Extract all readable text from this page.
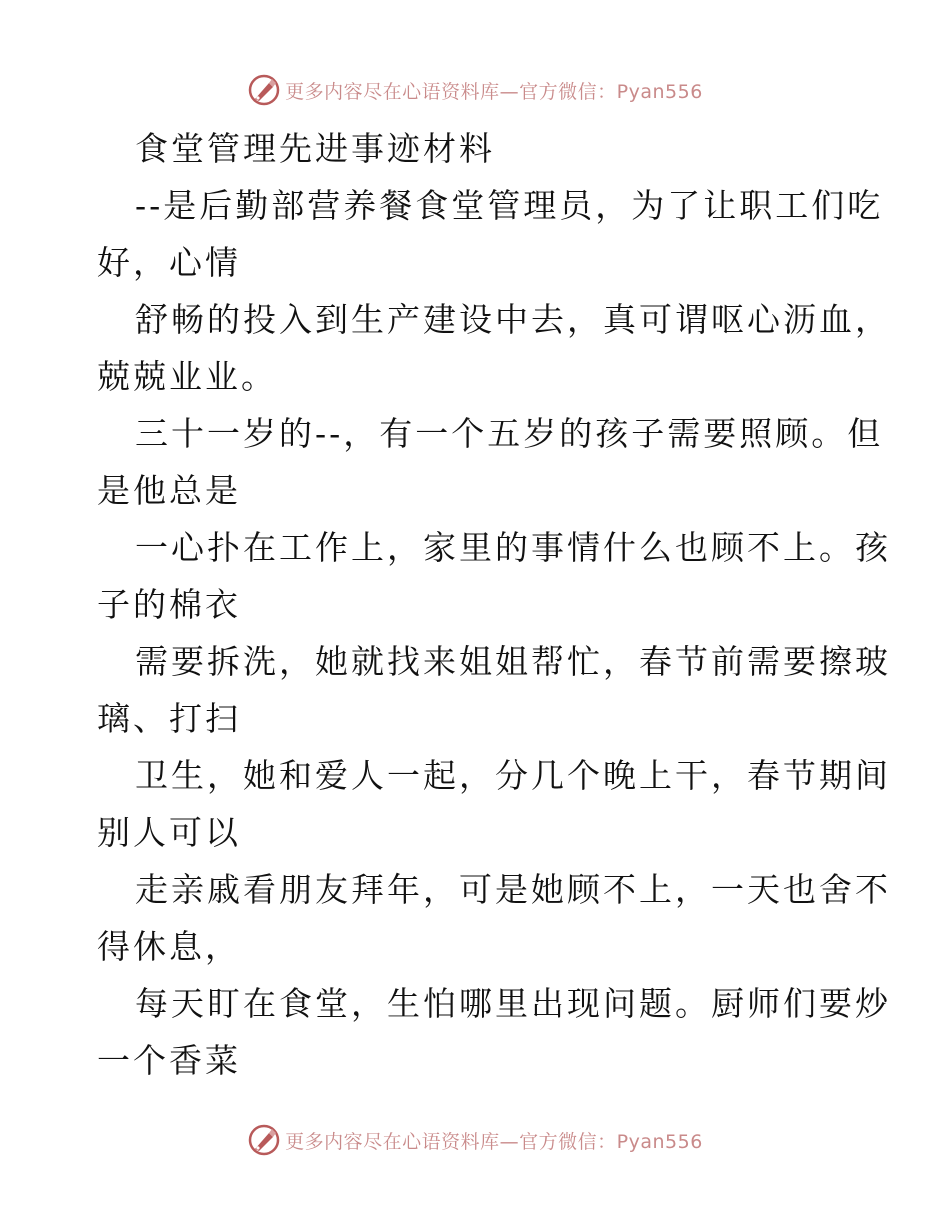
更多内容尽在心语资料库—官方微信：Pyan556
食堂管理先进事迹材料
--是后勤部营养餐食堂管理员，为了让职工们吃
好，心情
舒畅的投入到生产建设中去，真可谓呕心沥血，
兢兢业业。
三十一岁的--，有一个五岁的孩子需要照顾。但
是他总是
一心扑在工作上，家里的事情什么也顾不上。孩
子的棉衣
需要拆洗，她就找来姐姐帮忙，春节前需要擦玻
璃、打扫
卫生，她和爱人一起，分几个晚上干，春节期间
别人可以
走亲戚看朋友拜年，可是她顾不上，一天也舍不
得休息，
每天盯在食堂，生怕哪里出现问题。厨师们要炒
一个香菜
更多内容尽在心语资料库—官方微信：Pyan556
